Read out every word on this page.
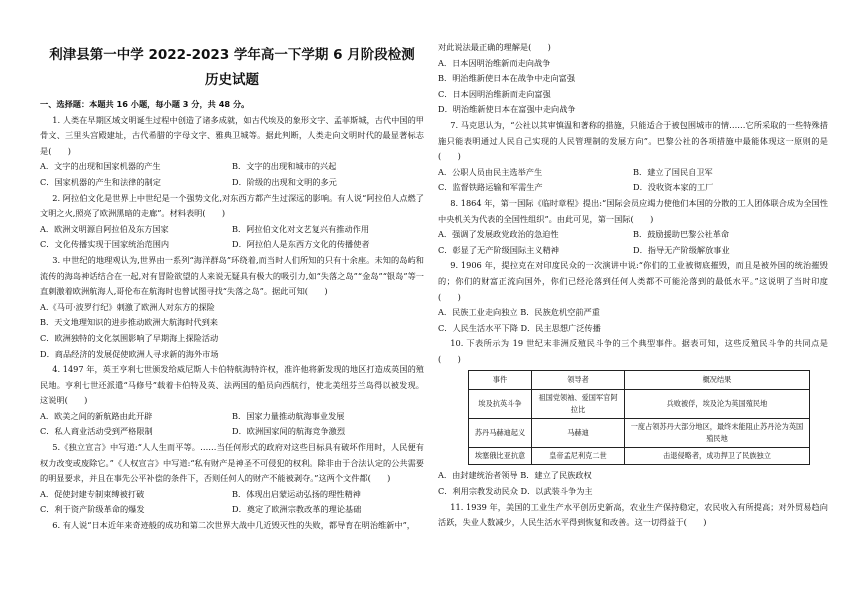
利津县第一中学 2022-2023 学年高一下学期 6 月阶段检测
历史试题
一、选择题：本题共 16 小题，每小题 3 分，共 48 分。

1. 人类在早期区域文明诞生过程中创造了诸多成就，如古代埃及的象形文字、孟菲斯城，古代中国的甲骨文、三里头宫殿建址，古代希腊的字母文字、雅典卫城等。据此判断，人类走向文明时代的最显著标志是(　　)

A．文字的出现和国家机器的产生	B．文字的出现和城市的兴起
C．国家机器的产生和法律的制定	D．阶级的出现和文明的多元

2. 阿拉伯文化是世界上中世纪是一个强势文化,对东西方都产生过深远的影响。有人说“阿拉伯人点燃了文明之火,照亮了欧洲黑暗的走廊”。材料表明(　　)

A．欧洲文明源自阿拉伯及东方国家	B．阿拉伯文化对文艺复兴有推动作用
C．文化传播实现于国家统治范围内	D．阿拉伯人是东西方文化的传播使者

3. 中世纪的地理观认为,世界由一系列“海洋群岛”环绕着,而当时人们所知的只有十余座。未知的岛屿和流传的海岛神话结合在一起,对有冒险欲望的人来说无疑具有极大的吸引力,如“失落之岛”“金岛”“银岛”等一直刺激着欧洲航海人,哥伦布在航海时也曾试图寻找“失落之岛”。据此可知(　　)

A.《马可·波罗行纪》刺激了欧洲人对东方的探险
B．天文地理知识的进步推动欧洲大航海时代到来
C．欧洲独特的文化氛围影响了早期海上探险活动
D．商品经济的发展促使欧洲人寻求新的海外市场

4. 1497 年，英王亨利七世颁发给威尼斯人卡伯特航海特许权，准许他将新发现的地区打造成英国的殖民地。亨利七世还派遣“马修号”载着卡伯特及英、法两国的船员向西航行，使北美纽芬兰岛得以被发现。这说明(　　)

A．欧美之间的新航路由此开辟	B．国家力量推动航海事业发展
C．私人商业活动受到严格限制	D．欧洲国家间的航海竞争激烈

5.《独立宣言》中写道:“人人生而平等。……当任何形式的政府对这些目标具有破坏作用时，人民便有权力改变或废除它。”《人权宣言》中写道:“私有财产是神圣不可侵犯的权利。除非由于合法认定的公共需要的明显要求，并且在事先公平补偿的条件下，否则任何人的财产不能被剥夺。”这两个文件都(　　)

A．促使封建专制束缚被打破	B．体现出启蒙运动弘扬的理性精神
C．利于资产阶级革命的爆发	D．奠定了欧洲宗教改革的理论基础

6. 有人说“日本近年来奇迹般的成功和第二次世界大战中几近毁灭性的失败，都导育在明治维新中”，

对此说法最正确的理解是(　　)

A．日本因明治维新而走向战争
B．明治维新使日本在战争中走向富强
C．日本因明治维新而走向富强
D．明治维新使日本在富强中走向战争

7. 马克思认为，“公社以其审慎温和著称的措施，只能适合于被包围城市的情……它所采取的一些特殊措施只能表明通过人民自己实现的人民管理制的发展方向”。巴黎公社的各项措施中最能体现这一原则的是(　　)

A．公职人员由民主选举产生	B．建立了国民自卫军
C．监督铁路运输和军需生产	D．没收资本家的工厂

8. 1864 年，第一国际《临时章程》提出:“国际会员应竭力使他们本国的分散的工人团体联合成为全国性中央机关为代表的全国性组织”。由此可见，第一国际(　　)

A．强调了发展政党政治的急迫性	B．鼓励援助巴黎公社革命
C．彰显了无产阶级国际主义精神	D．指导无产阶级解放事业

9. 1906 年，提拉克在对印度民众的一次演讲中说:“你们的工业被彻底摧毁，而且是被外国的统治摧毁的；你们的财富正流向国外，你们已经沦落到任何人类都不可能沦落到的最低水平。”这说明了当时印度(　　)

A．民族工业走向独立 B．民族危机空前严重
C．人民生活水平下降 D．民主思想广泛传播

10. 下表所示为 19 世纪末非洲反殖民斗争的三个典型事件。据表可知，这些反殖民斗争的共同点是(　　)

事件	领导者	概况结果
埃及抗英斗争	祖国党领袖、爱国军官阿拉比	兵败被俘，埃及沦为英国殖民地
苏丹马赫迪起义	马赫迪	一度占领苏丹大部分地区，最终未能阻止苏丹沦为英国殖民地
埃塞俄比亚抗意	皇帝孟尼利克二世	击退侵略者，成功捍卫了民族独立
A．由封建统治者领导 B．建立了民族政权
C．利用宗教发动民众 D．以武装斗争为主

11. 1939 年，美国的工业生产水平创历史新高，农业生产保持稳定，农民收入有所提高；对外贸易趋向活跃，失业人数减少，人民生活水平得到恢复和改善。这一切得益于(　　)
